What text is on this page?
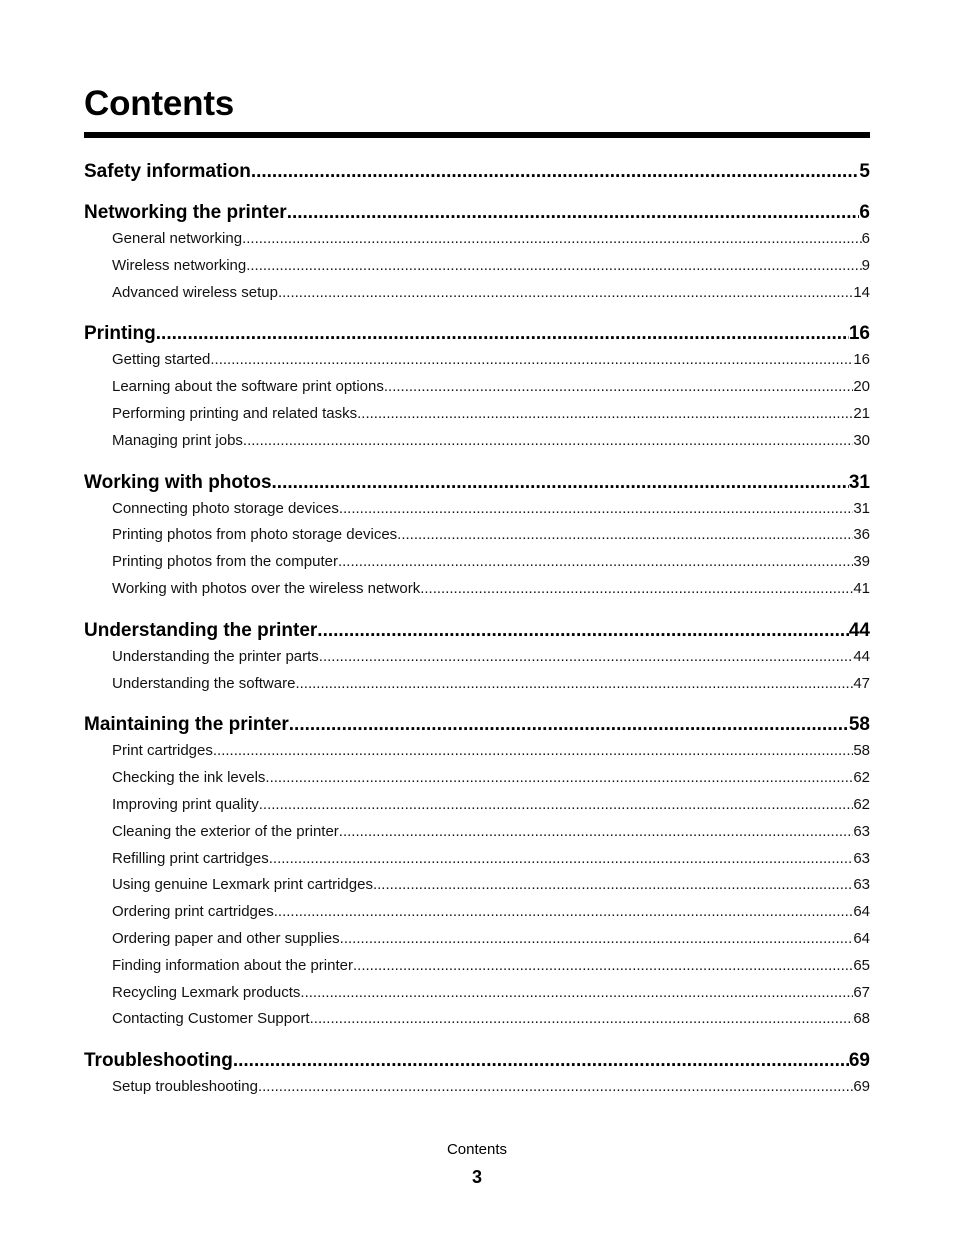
Contents
Safety information .....	5
Networking the printer .....	6
General networking .....	6
Wireless networking .....	9
Advanced wireless setup .....	14
Printing .....	16
Getting started .....	16
Learning about the software print options .....	20
Performing printing and related tasks .....	21
Managing print jobs .....	30
Working with photos .....	31
Connecting photo storage devices .....	31
Printing photos from photo storage devices .....	36
Printing photos from the computer .....	39
Working with photos over the wireless network .....	41
Understanding the printer .....	44
Understanding the printer parts .....	44
Understanding the software .....	47
Maintaining the printer .....	58
Print cartridges .....	58
Checking the ink levels .....	62
Improving print quality .....	62
Cleaning the exterior of the printer .....	63
Refilling print cartridges .....	63
Using genuine Lexmark print cartridges .....	63
Ordering print cartridges .....	64
Ordering paper and other supplies .....	64
Finding information about the printer .....	65
Recycling Lexmark products .....	67
Contacting Customer Support .....	68
Troubleshooting .....	69
Setup troubleshooting .....	69
Contents
3
